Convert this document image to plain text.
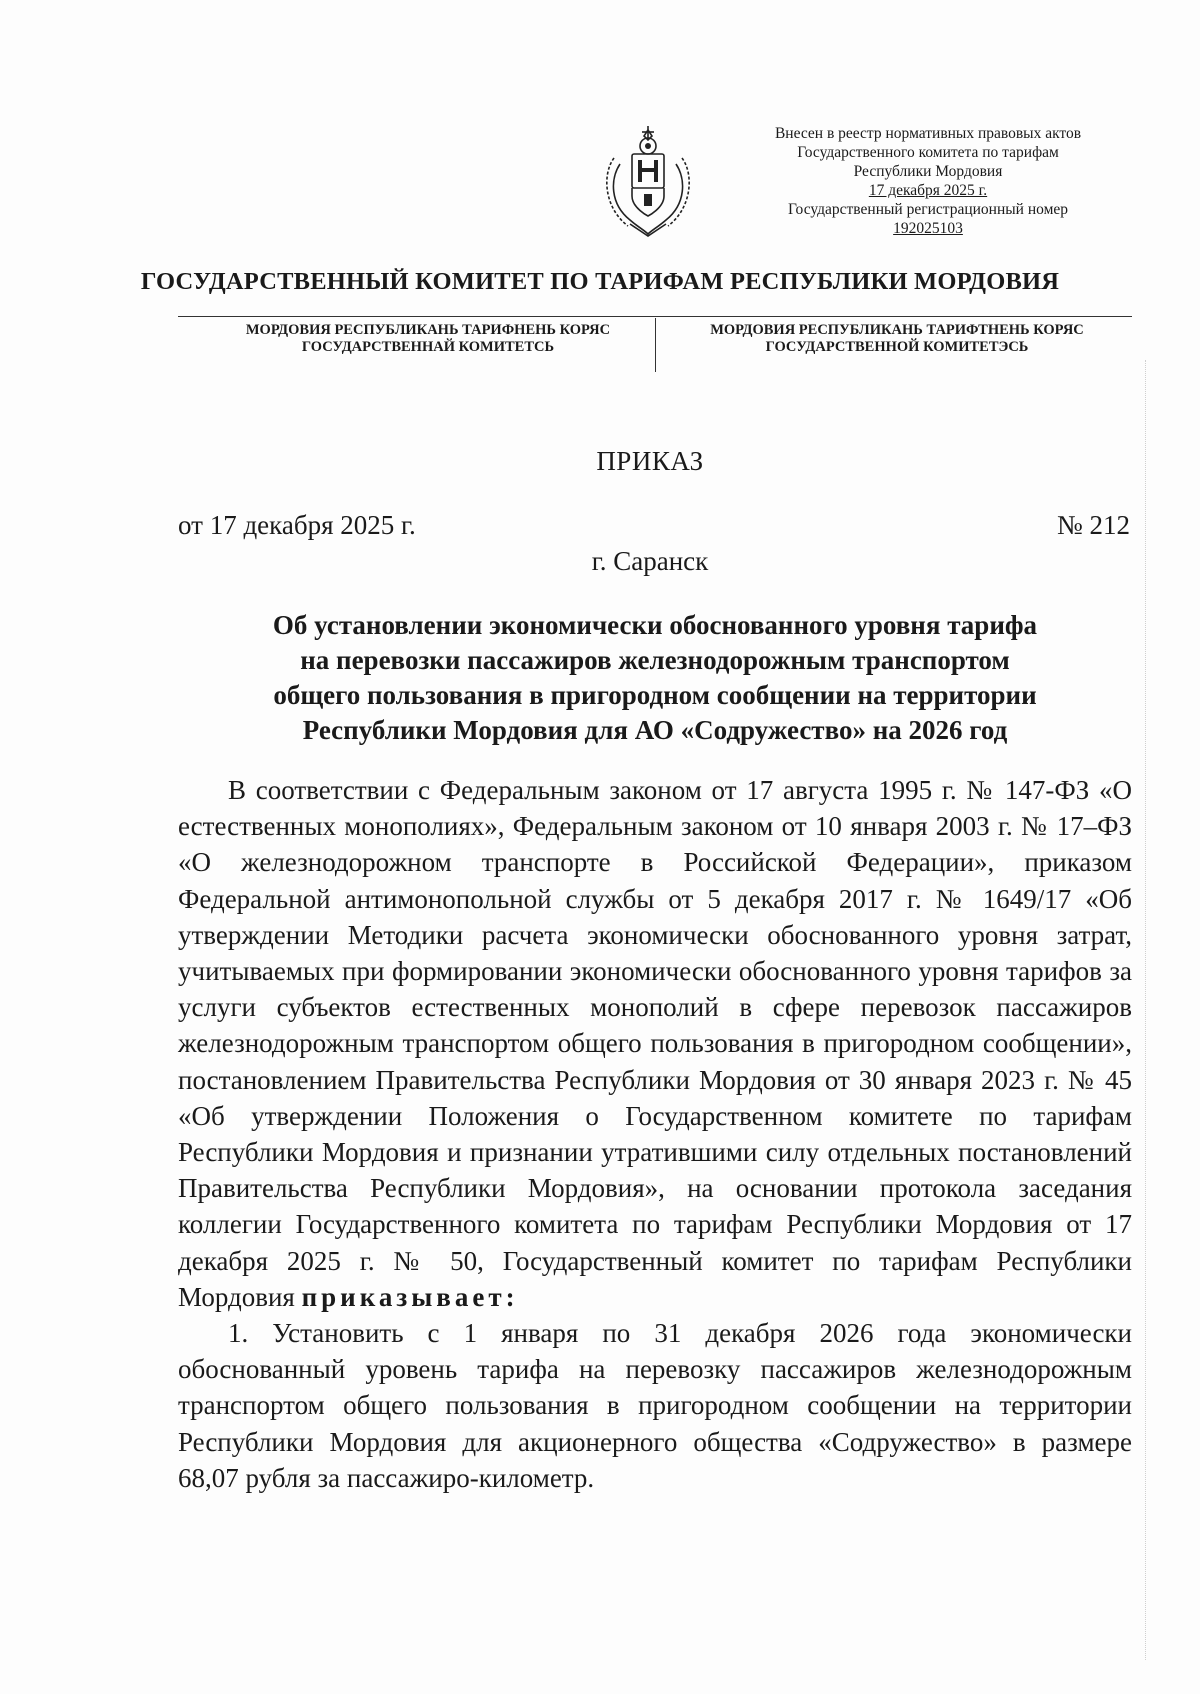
Внесен в реестр нормативных правовых актов
Государственного комитета по тарифам
Республики Мордовия
17 декабря 2025 г.
Государственный регистрационный номер
192025103
ГОСУДАРСТВЕННЫЙ КОМИТЕТ ПО ТАРИФАМ РЕСПУБЛИКИ МОРДОВИЯ
МОРДОВИЯ РЕСПУБЛИКАНЬ ТАРИФНЕНЬ КОРЯС
ГОСУДАРСТВЕННАЙ КОМИТЕТСЬ
МОРДОВИЯ РЕСПУБЛИКАНЬ ТАРИФТНЕНЬ КОРЯС
ГОСУДАРСТВЕННОЙ КОМИТЕТЭСЬ
ПРИКАЗ
от 17 декабря 2025 г.	№ 212
г. Саранск
Об установлении экономически обоснованного уровня тарифа
на перевозки пассажиров железнодорожным транспортом
общего пользования в пригородном сообщении на территории
Республики Мордовия для АО «Содружество» на 2026 год

В соответствии с Федеральным законом от 17 августа 1995 г. № 147-ФЗ «О естественных монополиях», Федеральным законом от 10 января 2003 г. № 17–ФЗ «О железнодорожном транспорте в Российской Федерации», приказом Федеральной антимонопольной службы от 5 декабря 2017 г. № 1649/17 «Об утверждении Методики расчета экономически обоснованного уровня затрат, учитываемых при формировании экономически обоснованного уровня тарифов за услуги субъектов естественных монополий в сфере перевозок пассажиров железнодорожным транспортом общего пользования в пригородном сообщении», постановлением Правительства Республики Мордовия от 30 января 2023 г. № 45 «Об утверждении Положения о Государственном комитете по тарифам Республики Мордовия и признании утратившими силу отдельных постановлений Правительства Республики Мордовия», на основании протокола заседания коллегии Государственного комитета по тарифам Республики Мордовия от 17 декабря 2025 г. № 50, Государственный комитет по тарифам Республики Мордовия приказывает:

1. Установить с 1 января по 31 декабря 2026 года экономически обоснованный уровень тарифа на перевозку пассажиров железнодорожным транспортом общего пользования в пригородном сообщении на территории Республики Мордовия для акционерного общества «Содружество» в размере 68,07 рубля за пассажиро-километр.
